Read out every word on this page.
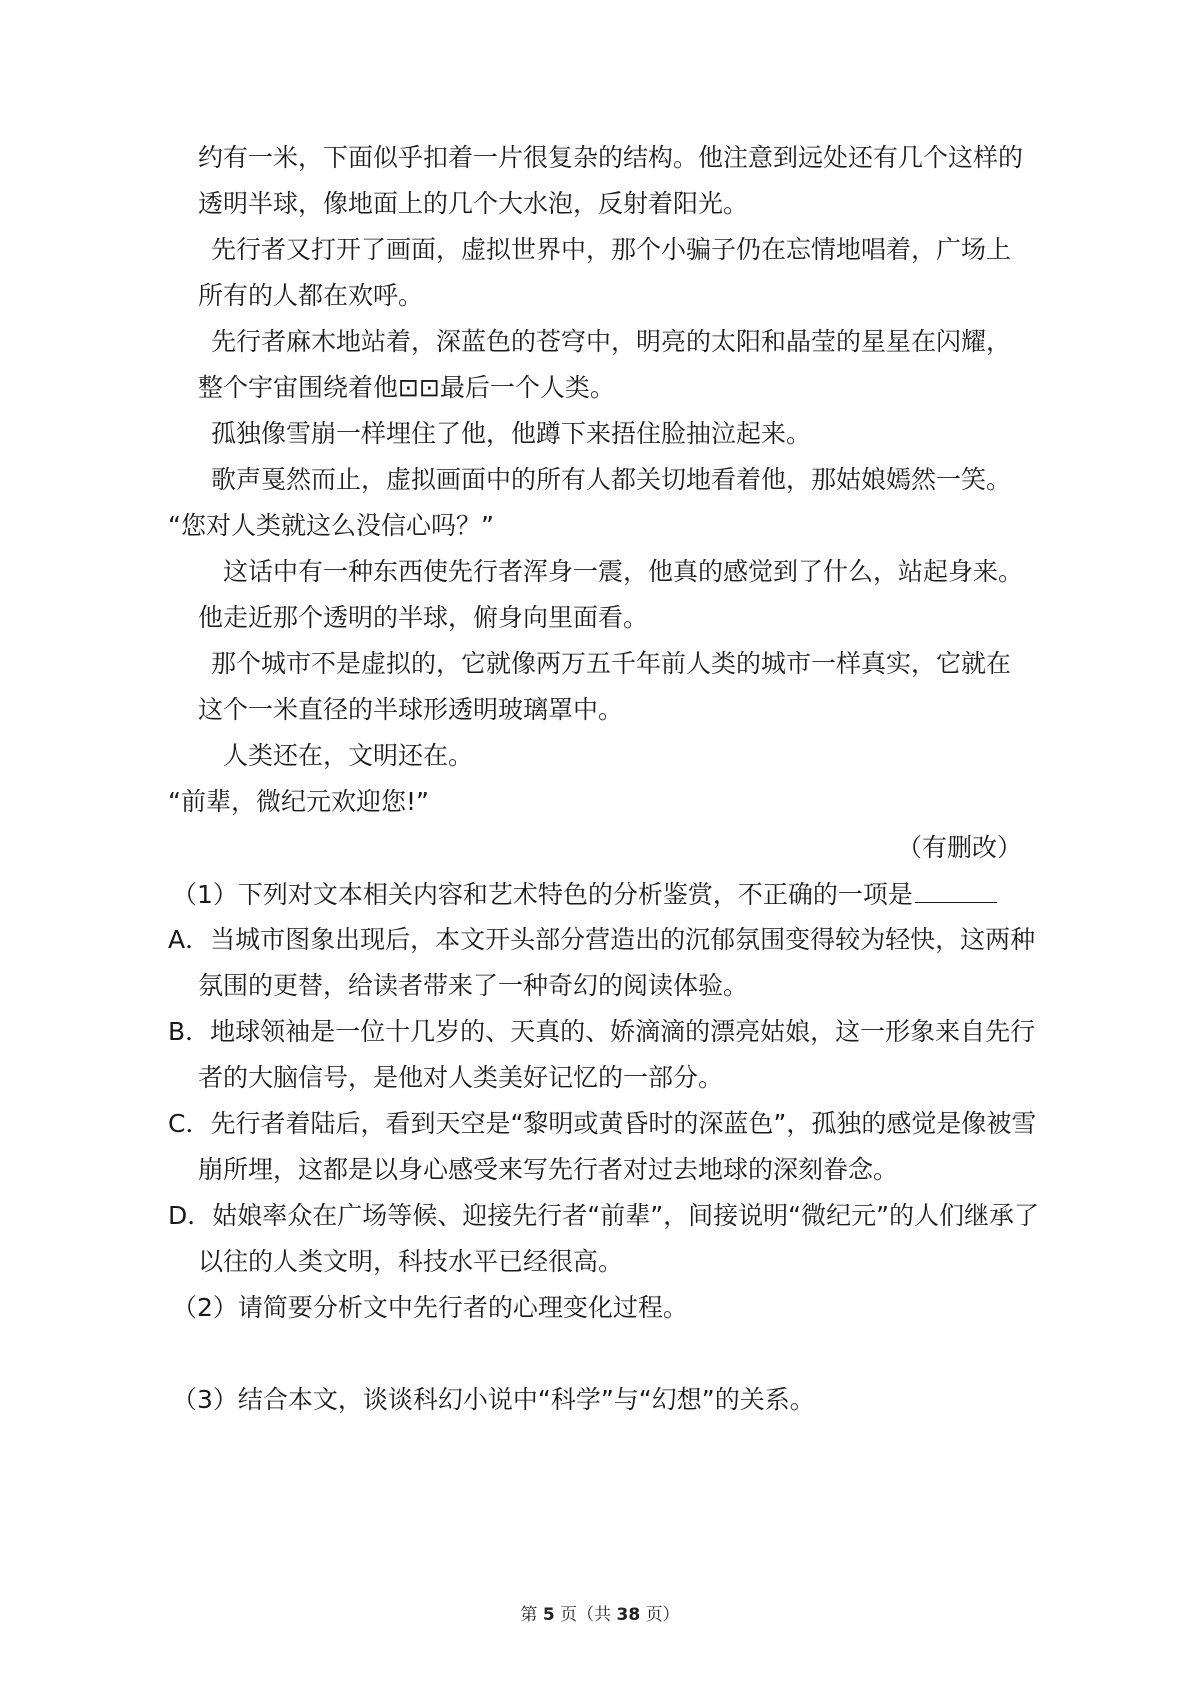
约有一米，下面似乎扣着一片很复杂的结构。他注意到远处还有几个这样的
透明半球，像地面上的几个大水泡，反射着阳光。
先行者又打开了画面，虚拟世界中，那个小骗子仍在忘情地唱着，广场上
所有的人都在欢呼。
先行者麻木地站着，深蓝色的苍穹中，明亮的太阳和晶莹的星星在闪耀，
整个宇宙围绕着他⊡⊡最后一个人类。
孤独像雪崩一样埋住了他，他蹲下来捂住脸抽泣起来。
歌声戛然而止，虚拟画面中的所有人都关切地看着他，那姑娘嫣然一笑。
“您对人类就这么没信心吗？”
这话中有一种东西使先行者浑身一震，他真的感觉到了什么，站起身来。
他走近那个透明的半球，俯身向里面看。
那个城市不是虚拟的，它就像两万五千年前人类的城市一样真实，它就在
这个一米直径的半球形透明玻璃罩中。
人类还在，文明还在。
“前辈，微纪元欢迎您!”
（有删改）
（1）下列对文本相关内容和艺术特色的分析鉴赏，不正确的一项是
A．当城市图象出现后，本文开头部分营造出的沉郁氛围变得较为轻快，这两种
氛围的更替，给读者带来了一种奇幻的阅读体验。
B．地球领袖是一位十几岁的、天真的、娇滴滴的漂亮姑娘，这一形象来自先行
者的大脑信号，是他对人类美好记忆的一部分。
C．先行者着陆后，看到天空是“黎明或黄昏时的深蓝色”，孤独的感觉是像被雪
崩所埋，这都是以身心感受来写先行者对过去地球的深刻眷念。
D．姑娘率众在广场等候、迎接先行者“前辈”，间接说明“微纪元”的人们继承了
以往的人类文明，科技水平已经很高。
（2）请简要分析文中先行者的心理变化过程。
（3）结合本文，谈谈科幻小说中“科学”与“幻想”的关系。
第 5 页（共 38 页）
